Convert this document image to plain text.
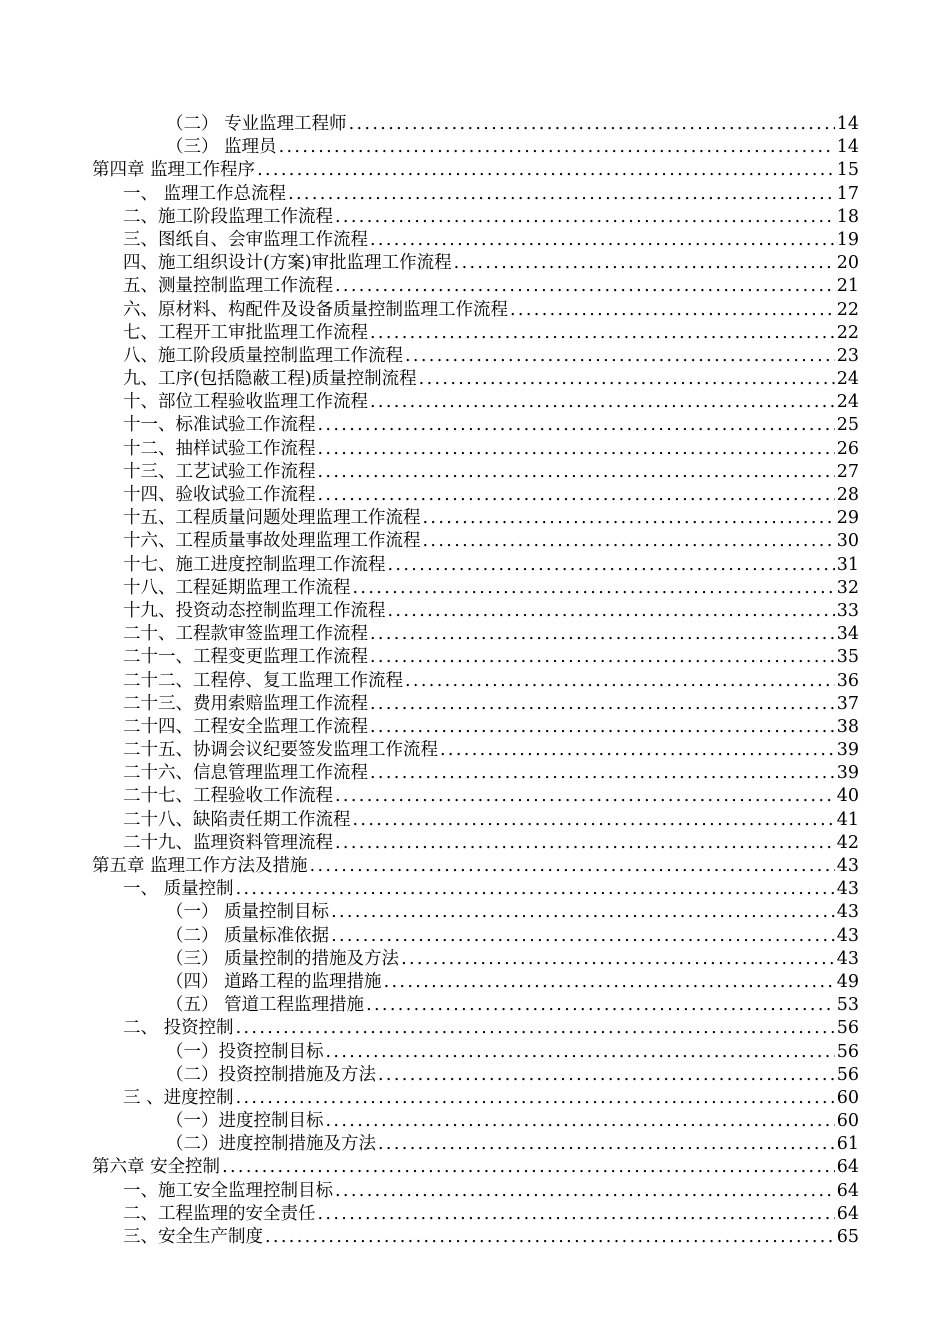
（二） 专业监理工程师 . . .	14
（三） 监理员 . . .	14
第四章 监理工作程序 . . .	15
一、 监理工作总流程 . . .	17
二、施工阶段监理工作流程 . . .	18
三、图纸自、会审监理工作流程 . . .	19
四、施工组织设计(方案)审批监理工作流程 . . .	20
五、测量控制监理工作流程 . . .	21
六、原材料、构配件及设备质量控制监理工作流程 . . .	22
七、工程开工审批监理工作流程 . . .	22
八、施工阶段质量控制监理工作流程 . . .	23
九、工序(包括隐蔽工程)质量控制流程 . . .	24
十、部位工程验收监理工作流程 . . .	24
十一、标准试验工作流程 . . .	25
十二、抽样试验工作流程 . . .	26
十三、工艺试验工作流程 . . .	27
十四、验收试验工作流程 . . .	28
十五、工程质量问题处理监理工作流程 . . .	29
十六、工程质量事故处理监理工作流程 . . .	30
十七、施工进度控制监理工作流程 . . .	31
十八、工程延期监理工作流程 . . .	32
十九、投资动态控制监理工作流程 . . .	33
二十、工程款审签监理工作流程 . . .	34
二十一、工程变更监理工作流程 . . .	35
二十二、工程停、复工监理工作流程 . . .	36
二十三、费用索赔监理工作流程 . . .	37
二十四、工程安全监理工作流程 . . .	38
二十五、协调会议纪要签发监理工作流程 . . .	39
二十六、信息管理监理工作流程 . . .	39
二十七、工程验收工作流程 . . .	40
二十八、缺陷责任期工作流程 . . .	41
二十九、监理资料管理流程 . . .	42
第五章 监理工作方法及措施 . . .	43
一、 质量控制 . . .	43
（一） 质量控制目标 . . .	43
（二） 质量标准依据 . . .	43
（三） 质量控制的措施及方法 . . .	43
（四） 道路工程的监理措施 . . .	49
（五） 管道工程监理措施 . . .	53
二、 投资控制 . . .	56
（一）投资控制目标 . . .	56
（二）投资控制措施及方法 . . .	56
三 、进度控制 . . .	60
（一）进度控制目标 . . .	60
（二）进度控制措施及方法 . . .	61
第六章 安全控制 . . .	64
一、施工安全监理控制目标 . . .	64
二、工程监理的安全责任 . . .	64
三、安全生产制度 . . .	65
